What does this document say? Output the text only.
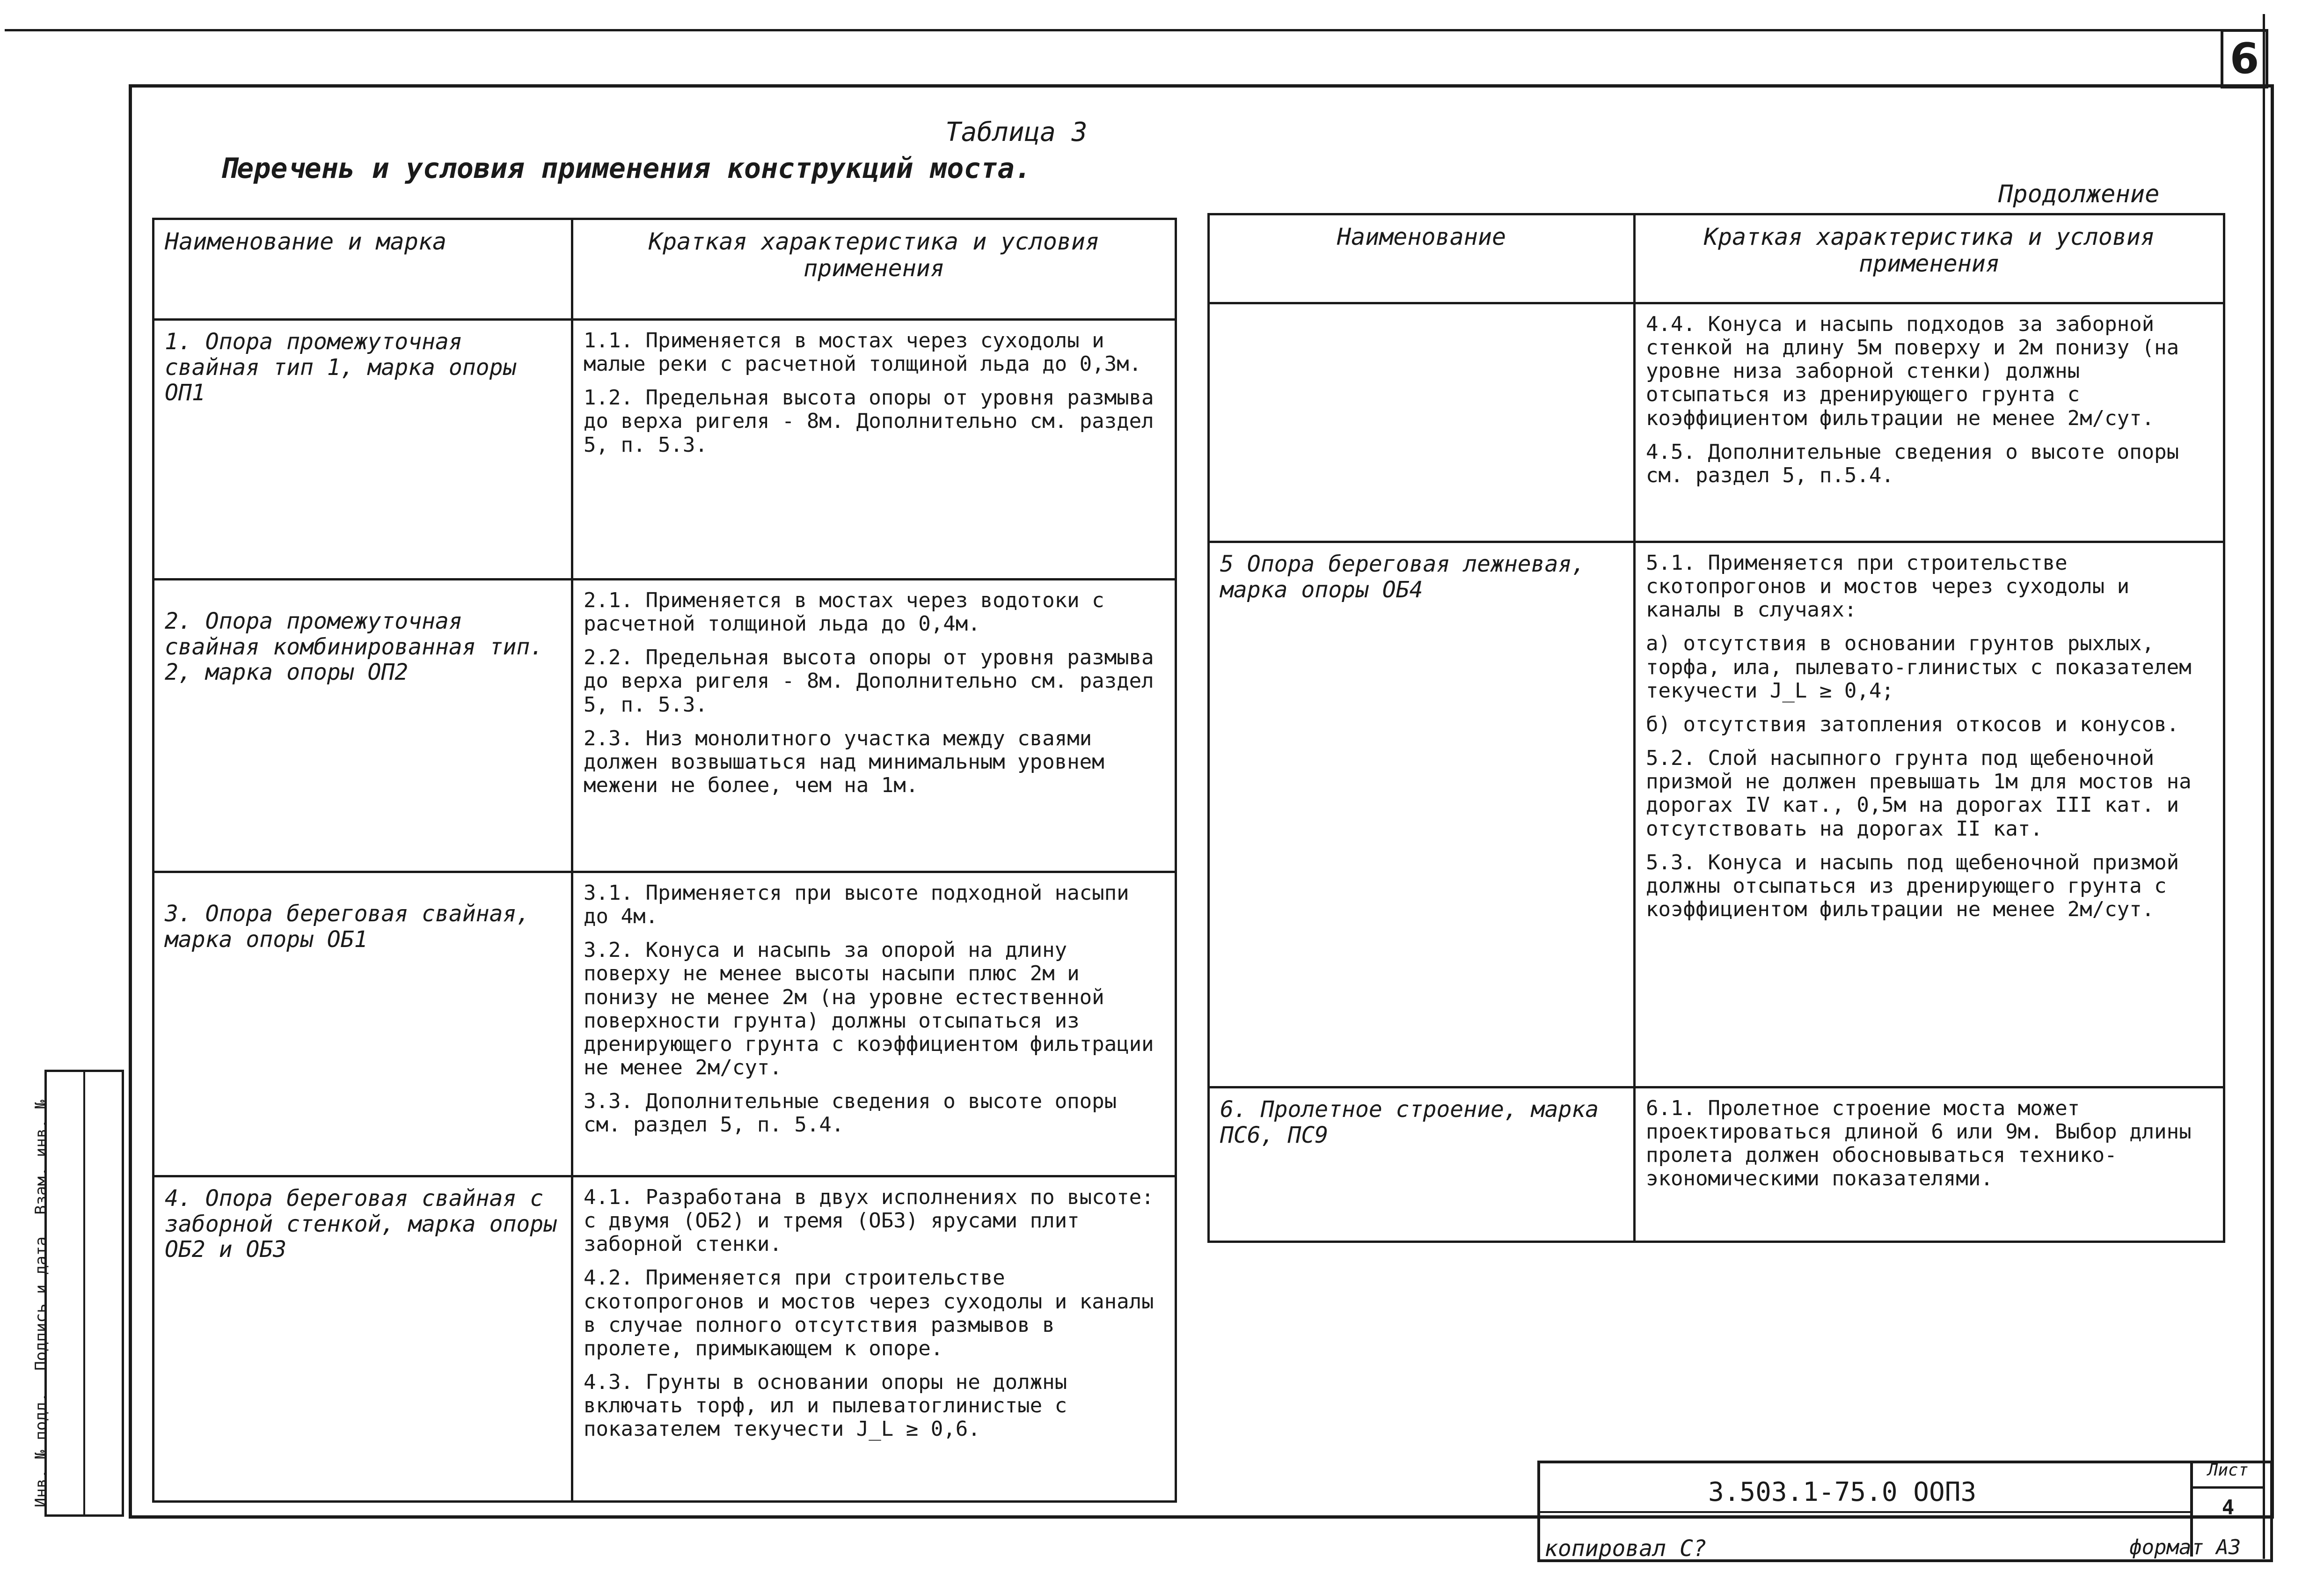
6
Таблица 3
Перечень и условия применения конструкций моста.
Продолжение
Наименование и марка	Краткая характеристика и условия применения
1. Опора промежуточная свайная тип 1, марка опоры ОП1	1.1. Применяется в мостах через суходолы и малые реки с расчетной толщиной льда до 0,3м.
1.2. Предельная высота опоры от уровня размыва до верха ригеля - 8м. Дополнительно см. раздел 5, п. 5.3.

2. Опора промежуточная свайная комбинированная тип. 2, марка опоры ОП2	2.1. Применяется в мостах через водотоки с расчетной толщиной льда до 0,4м.
2.2. Предельная высота опоры от уровня размыва до верха ригеля - 8м. Дополнительно см. раздел 5, п. 5.3.
2.3. Низ монолитного участка между сваями должен возвышаться над минимальным уровнем межени не более, чем на 1м.

3. Опора береговая свайная, марка опоры ОБ1	3.1. Применяется при высоте подходной насыпи до 4м.
3.2. Конуса и насыпь за опорой на длину поверху не менее высоты насыпи плюс 2м и понизу не менее 2м (на уровне естественной поверхности грунта) должны отсыпаться из дренирующего грунта с коэффициентом фильтрации не менее 2м/сут.
3.3. Дополнительные сведения о высоте опоры см. раздел 5, п. 5.4.

4. Опора береговая свайная с заборной стенкой, марка опоры ОБ2 и ОБ3	4.1. Разработана в двух исполнениях по высоте: с двумя (ОБ2) и тремя (ОБ3) ярусами плит заборной стенки.
4.2. Применяется при строительстве скотопрогонов и мостов через суходолы и каналы в случае полного отсутствия размывов в пролете, примыкающем к опоре.
4.3. Грунты в основании опоры не должны включать торф, ил и пылеватоглинистые с показателем текучести J_L ≥ 0,6.
Наименование	Краткая характеристика и условия применения

	4.4. Конуса и насыпь подходов за заборной стенкой на длину 5м поверху и 2м понизу (на уровне низа заборной стенки) должны отсыпаться из дренирующего грунта с коэффициентом фильтрации не менее 2м/сут.
4.5. Дополнительные сведения о высоте опоры см. раздел 5, п.5.4.

5 Опора береговая лежневая, марка опоры ОБ4	5.1. Применяется при строительстве скотопрогонов и мостов через суходолы и каналы в случаях:
а) отсутствия в основании грунтов рыхлых, торфа, ила, пылевато-глинистых с показателем текучести J_L ≥ 0,4;
б) отсутствия затопления откосов и конусов.
5.2. Слой насыпного грунта под щебеночной призмой не должен превышать 1м для мостов на дорогах IV кат., 0,5м на дорогах III кат. и отсутствовать на дорогах II кат.
5.3. Конуса и насыпь под щебеночной призмой должны отсыпаться из дренирующего грунта с коэффициентом фильтрации не менее 2м/сут.

6. Пролетное строение, марка ПС6, ПС9	6.1. Пролетное строение моста может проектироваться длиной 6 или 9м. Выбор длины пролета должен обосновываться технико-экономическими показателями.
Инв. № подл. Подпись и дата Взам. инв. №
3.503.1-75.0 ООПЗ
Лист
4
копировал С?	формат А3
